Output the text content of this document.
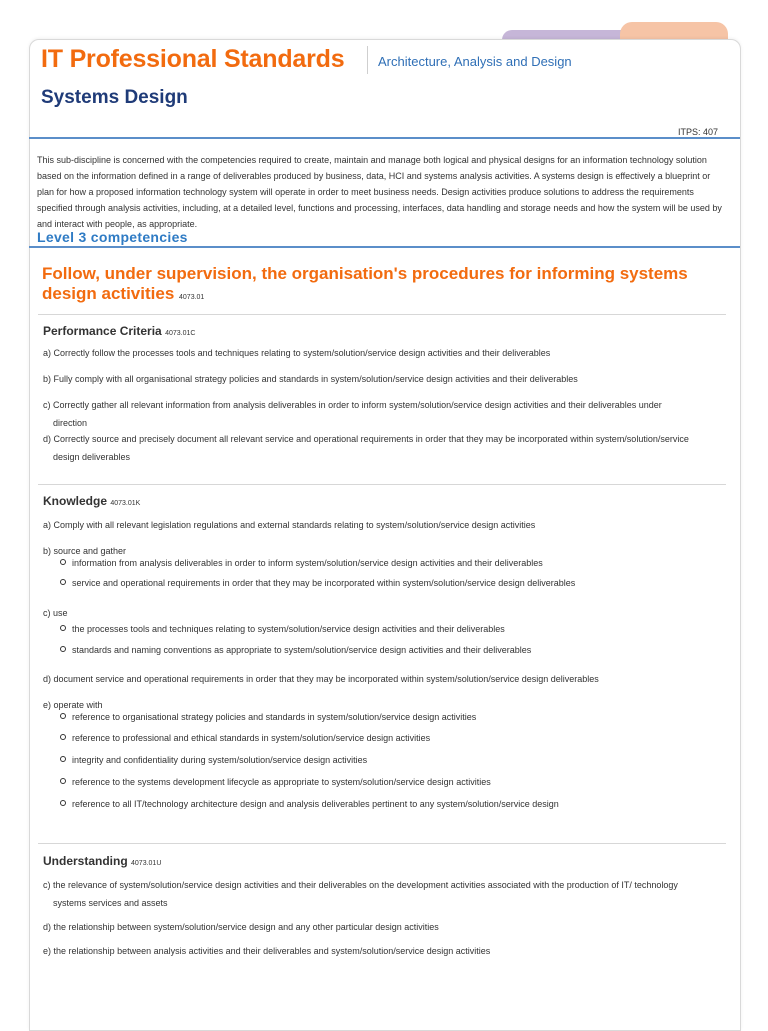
IT Professional Standards	Architecture, Analysis and Design
Systems Design
ITPS: 407

This sub-discipline is concerned with the competencies required to create, maintain and manage both logical and physical designs for an information technology solution based on the information defined in a range of deliverables produced by business, data, HCI and systems analysis activities. A systems design is effectively a blueprint or plan for how a proposed information technology system will operate in order to meet business needs. Design activities produce solutions to address the requirements specified through analysis activities, including, at a detailed level, functions and processing, interfaces, data handling and storage needs and how the system will be used by and interact with people, as appropriate.

Level 3 competencies

Follow, under supervision, the organisation's procedures for informing systems design activities 4073.01

Performance Criteria 4073.01C
a) Correctly follow the processes tools and techniques relating to system/solution/service design activities and their deliverables
b) Fully comply with all organisational strategy policies and standards in system/solution/service design activities and their deliverables
c) Correctly gather all relevant information from analysis deliverables in order to inform system/solution/service design activities and their deliverables under
direction
d) Correctly source and precisely document all relevant service and operational requirements in order that they may be incorporated within system/solution/service
design deliverables
Knowledge 4073.01K
a) Comply with all relevant legislation regulations and external standards relating to system/solution/service design activities
b) source and gather
information from analysis deliverables in order to inform system/solution/service design activities and their deliverables
service and operational requirements in order that they may be incorporated within system/solution/service design deliverables
c) use
the processes tools and techniques relating to system/solution/service design activities and their deliverables
standards and naming conventions as appropriate to system/solution/service design activities and their deliverables
d) document service and operational requirements in order that they may be incorporated within system/solution/service design deliverables
e) operate with
reference to organisational strategy policies and standards in system/solution/service design activities
reference to professional and ethical standards in system/solution/service design activities
integrity and confidentiality during system/solution/service design activities
reference to the systems development lifecycle as appropriate to system/solution/service design activities
reference to all IT/technology architecture design and analysis deliverables pertinent to any system/solution/service design
Understanding 4073.01U
c) the relevance of system/solution/service design activities and their deliverables on the development activities associated with the production of IT/ technology
systems services and assets
d) the relationship between system/solution/service design and any other particular design activities
e) the relationship between analysis activities and their deliverables and system/solution/service design activities
